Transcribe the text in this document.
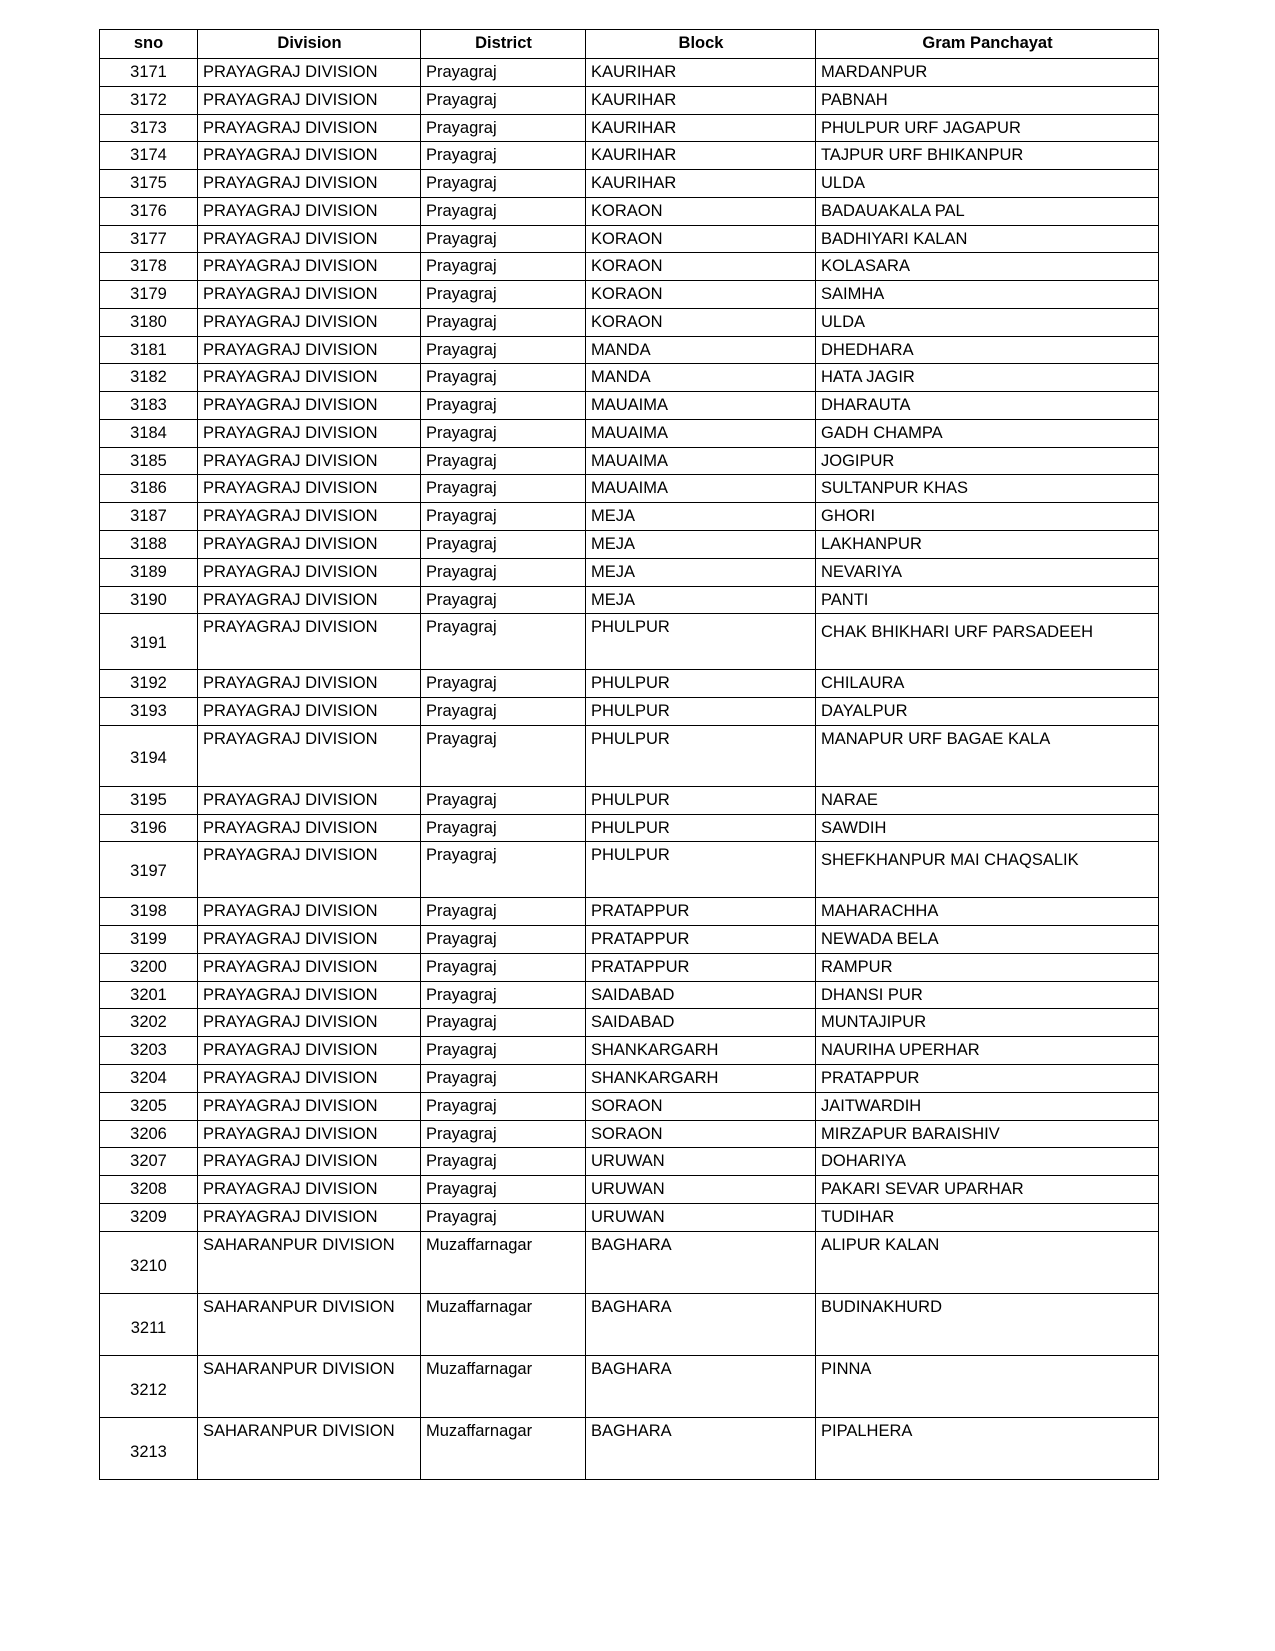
sno	Division	District	Block	Gram Panchayat

3171	PRAYAGRAJ DIVISION	Prayagraj	KAURIHAR	MARDANPUR

3172	PRAYAGRAJ DIVISION	Prayagraj	KAURIHAR	PABNAH

3173	PRAYAGRAJ DIVISION	Prayagraj	KAURIHAR	PHULPUR URF JAGAPUR

3174	PRAYAGRAJ DIVISION	Prayagraj	KAURIHAR	TAJPUR URF BHIKANPUR

3175	PRAYAGRAJ DIVISION	Prayagraj	KAURIHAR	ULDA

3176	PRAYAGRAJ DIVISION	Prayagraj	KORAON	BADAUAKALA PAL

3177	PRAYAGRAJ DIVISION	Prayagraj	KORAON	BADHIYARI KALAN

3178	PRAYAGRAJ DIVISION	Prayagraj	KORAON	KOLASARA

3179	PRAYAGRAJ DIVISION	Prayagraj	KORAON	SAIMHA

3180	PRAYAGRAJ DIVISION	Prayagraj	KORAON	ULDA

3181	PRAYAGRAJ DIVISION	Prayagraj	MANDA	DHEDHARA

3182	PRAYAGRAJ DIVISION	Prayagraj	MANDA	HATA JAGIR

3183	PRAYAGRAJ DIVISION	Prayagraj	MAUAIMA	DHARAUTA

3184	PRAYAGRAJ DIVISION	Prayagraj	MAUAIMA	GADH CHAMPA

3185	PRAYAGRAJ DIVISION	Prayagraj	MAUAIMA	JOGIPUR

3186	PRAYAGRAJ DIVISION	Prayagraj	MAUAIMA	SULTANPUR KHAS

3187	PRAYAGRAJ DIVISION	Prayagraj	MEJA	GHORI

3188	PRAYAGRAJ DIVISION	Prayagraj	MEJA	LAKHANPUR

3189	PRAYAGRAJ DIVISION	Prayagraj	MEJA	NEVARIYA

3190	PRAYAGRAJ DIVISION	Prayagraj	MEJA	PANTI

3191	PRAYAGRAJ DIVISION	Prayagraj	PHULPUR	CHAK BHIKHARI URF PARSADEEH

3192	PRAYAGRAJ DIVISION	Prayagraj	PHULPUR	CHILAURA

3193	PRAYAGRAJ DIVISION	Prayagraj	PHULPUR	DAYALPUR

3194	PRAYAGRAJ DIVISION	Prayagraj	PHULPUR	MANAPUR URF BAGAE KALA

3195	PRAYAGRAJ DIVISION	Prayagraj	PHULPUR	NARAE

3196	PRAYAGRAJ DIVISION	Prayagraj	PHULPUR	SAWDIH

3197	PRAYAGRAJ DIVISION	Prayagraj	PHULPUR	SHEFKHANPUR MAI CHAQSALIK

3198	PRAYAGRAJ DIVISION	Prayagraj	PRATAPPUR	MAHARACHHA

3199	PRAYAGRAJ DIVISION	Prayagraj	PRATAPPUR	NEWADA BELA

3200	PRAYAGRAJ DIVISION	Prayagraj	PRATAPPUR	RAMPUR

3201	PRAYAGRAJ DIVISION	Prayagraj	SAIDABAD	DHANSI PUR

3202	PRAYAGRAJ DIVISION	Prayagraj	SAIDABAD	MUNTAJIPUR

3203	PRAYAGRAJ DIVISION	Prayagraj	SHANKARGARH	NAURIHA UPERHAR

3204	PRAYAGRAJ DIVISION	Prayagraj	SHANKARGARH	PRATAPPUR

3205	PRAYAGRAJ DIVISION	Prayagraj	SORAON	JAITWARDIH

3206	PRAYAGRAJ DIVISION	Prayagraj	SORAON	MIRZAPUR BARAISHIV

3207	PRAYAGRAJ DIVISION	Prayagraj	URUWAN	DOHARIYA

3208	PRAYAGRAJ DIVISION	Prayagraj	URUWAN	PAKARI SEVAR UPARHAR

3209	PRAYAGRAJ DIVISION	Prayagraj	URUWAN	TUDIHAR

3210	SAHARANPUR DIVISION	Muzaffarnagar	BAGHARA	ALIPUR KALAN

3211	SAHARANPUR DIVISION	Muzaffarnagar	BAGHARA	BUDINAKHURD

3212	SAHARANPUR DIVISION	Muzaffarnagar	BAGHARA	PINNA

3213	SAHARANPUR DIVISION	Muzaffarnagar	BAGHARA	PIPALHERA
